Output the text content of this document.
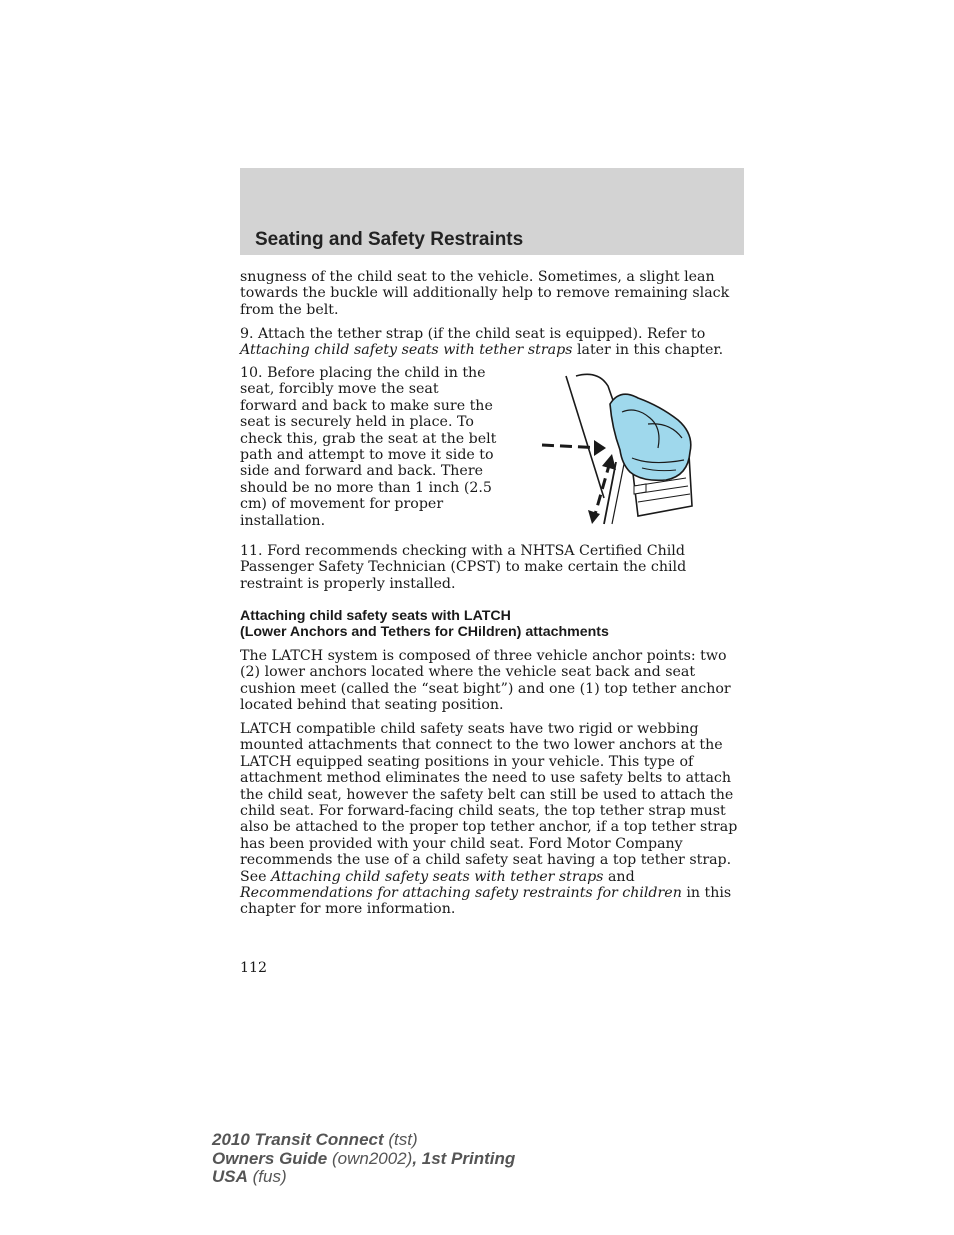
Seating and Safety Restraints

snugness of the child seat to the vehicle. Sometimes, a slight lean towards the buckle will additionally help to remove remaining slack from the belt.

9. Attach the tether strap (if the child seat is equipped). Refer to Attaching child safety seats with tether straps later in this chapter.

10. Before placing the child in the seat, forcibly move the seat forward and back to make sure the seat is securely held in place. To check this, grab the seat at the belt path and attempt to move it side to side and forward and back. There should be no more than 1 inch (2.5 cm) of movement for proper installation.

11. Ford recommends checking with a NHTSA Certified Child Passenger Safety Technician (CPST) to make certain the child restraint is properly installed.

Attaching child safety seats with LATCH
(Lower Anchors and Tethers for CHildren) attachments

The LATCH system is composed of three vehicle anchor points: two (2) lower anchors located where the vehicle seat back and seat cushion meet (called the “seat bight”) and one (1) top tether anchor located behind that seating position.

LATCH compatible child safety seats have two rigid or webbing mounted attachments that connect to the two lower anchors at the LATCH equipped seating positions in your vehicle. This type of attachment method eliminates the need to use safety belts to attach the child seat, however the safety belt can still be used to attach the child seat. For forward-facing child seats, the top tether strap must also be attached to the proper top tether anchor, if a top tether strap has been provided with your child seat. Ford Motor Company recommends the use of a child safety seat having a top tether strap. See Attaching child safety seats with tether straps and Recommendations for attaching safety restraints for children in this chapter for more information.

112
2010 Transit Connect (tst)
Owners Guide (own2002), 1st Printing
USA (fus)
